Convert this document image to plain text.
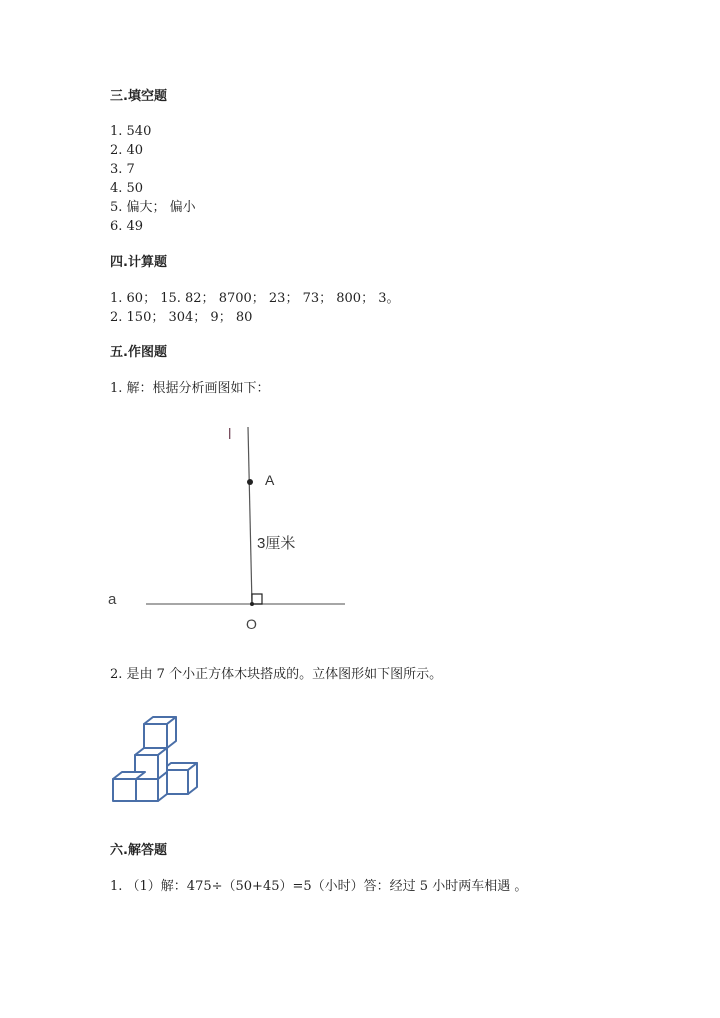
三.填空题
1. 540
2. 40
3. 7
4. 50
5. 偏大； 偏小
6. 49
四.计算题
1. 60； 15. 82； 8700； 23； 73； 800； 3。
2. 150； 304； 9； 80
五.作图题
1. 解：根据分析画图如下：
l
A
3厘米
a
O
2. 是由 7 个小正方体木块搭成的。立体图形如下图所示。
六.解答题
1. （1）解：475÷（50+45）=5（小时）答：经过 5 小时两车相遇 。
